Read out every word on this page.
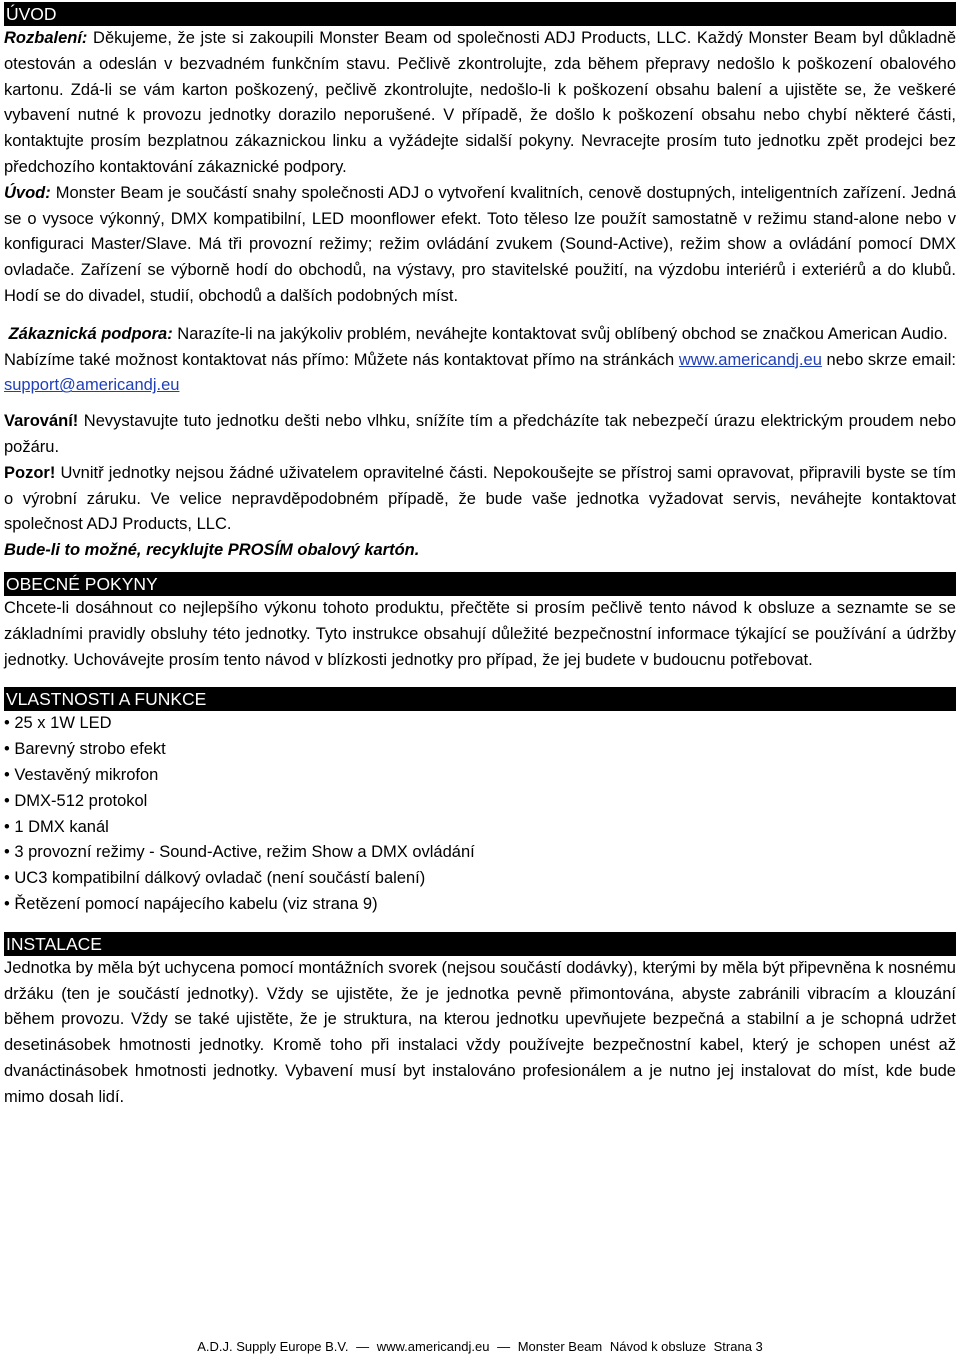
ÚVOD

Rozbalení: Děkujeme, že jste si zakoupili Monster Beam od společnosti ADJ Products, LLC. Každý Monster Beam byl důkladně otestován a odeslán v bezvadném funkčním stavu. Pečlivě zkontrolujte, zda během přepravy nedošlo k poškození obalového kartonu. Zdá-li se vám karton poškozený, pečlivě zkontrolujte, nedošlo-li k poškození obsahu balení a ujistěte se, že veškeré vybavení nutné k provozu jednotky dorazilo neporušené. V případě, že došlo k poškození obsahu nebo chybí některé části, kontaktujte prosím bezplatnou zákaznickou linku a vyžádejte sidalší pokyny. Nevracejte prosím tuto jednotku zpět prodejci bez předchozího kontaktování zákaznické podpory.

Úvod: Monster Beam je součástí snahy společnosti ADJ o vytvoření kvalitních, cenově dostupných, inteligentních zařízení. Jedná se o vysoce výkonný, DMX kompatibilní, LED moonflower efekt. Toto těleso lze použít samostatně v režimu stand-alone nebo v konfiguraci Master/Slave. Má tři provozní režimy; režim ovládání zvukem (Sound-Active), režim show a ovládání pomocí DMX ovladače. Zařízení se výborně hodí do obchodů, na výstavy, pro stavitelské použití, na výzdobu interiérů i exteriérů a do klubů. Hodí se do divadel, studií, obchodů a dalších podobných míst.

Zákaznická podpora: Narazíte-li na jakýkoliv problém, neváhejte kontaktovat svůj oblíbený obchod se značkou American Audio.

Nabízíme také možnost kontaktovat nás přímo: Můžete nás kontaktovat přímo na stránkách www.americandj.eu nebo skrze email: support@americandj.eu

Varování! Nevystavujte tuto jednotku dešti nebo vlhku, snížíte tím a předcházíte tak nebezpečí úrazu elektrickým proudem nebo požáru.

Pozor! Uvnitř jednotky nejsou žádné uživatelem opravitelné části. Nepokoušejte se přístroj sami opravovat, připravili byste se tím o výrobní záruku. Ve velice nepravděpodobném případě, že bude vaše jednotka vyžadovat servis, neváhejte kontaktovat společnost ADJ Products, LLC.

Bude-li to možné, recyklujte PROSÍM obalový kartón.

OBECNÉ POKYNY

Chcete-li dosáhnout co nejlepšího výkonu tohoto produktu, přečtěte si prosím pečlivě tento návod k obsluze a seznamte se se základními pravidly obsluhy této jednotky. Tyto instrukce obsahují důležité bezpečnostní informace týkající se používání a údržby jednotky. Uchovávejte prosím tento návod v blízkosti jednotky pro případ, že jej budete v budoucnu potřebovat.

VLASTNOSTI A FUNKCE
• 25 x 1W LED
• Barevný strobo efekt
• Vestavěný mikrofon
• DMX-512 protokol
• 1 DMX kanál
• 3 provozní režimy - Sound-Active, režim Show a DMX ovládání
• UC3 kompatibilní dálkový ovladač (není součástí balení)
• Řetězení pomocí napájecího kabelu (viz strana 9)
INSTALACE

Jednotka by měla být uchycena pomocí montážních svorek (nejsou součástí dodávky), kterými by měla být připevněna k nosnému držáku (ten je součástí jednotky). Vždy se ujistěte, že je jednotka pevně přimontována, abyste zabránili vibracím a klouzání během provozu. Vždy se také ujistěte, že je struktura, na kterou jednotku upevňujete bezpečná a stabilní a je schopná udržet desetinásobek hmotnosti jednotky. Kromě toho při instalaci vždy používejte bezpečnostní kabel, který je schopen unést až dvanáctinásobek hmotnosti jednotky. Vybavení musí byt instalováno profesionálem a je nutno jej instalovat do míst, kde bude mimo dosah lidí.

A.D.J. Supply Europe B.V. — www.americandj.eu — Monster Beam Návod k obsluze Strana 3
